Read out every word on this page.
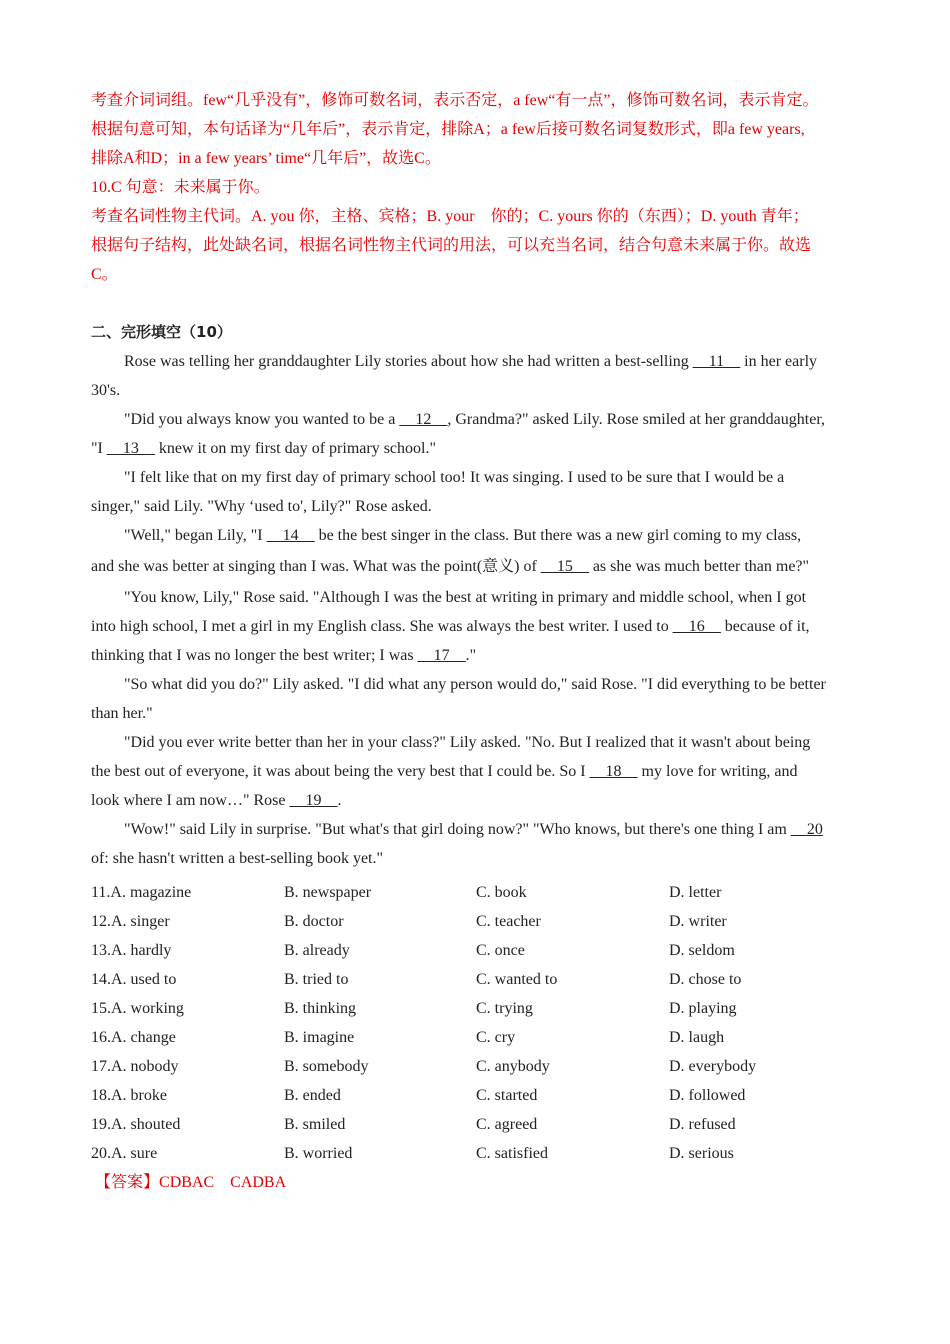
考查介词词组。few“几乎没有”，修饰可数名词，表示否定，a few“有一点”，修饰可数名词，表示肯定。
根据句意可知，本句话译为“几年后”，表示肯定，排除A；a few后接可数名词复数形式，即a few years,
排除A和D；in a few years’ time“几年后”，故选C。
10.C 句意：未来属于你。
考查名词性物主代词。A. you 你，主格、宾格；B. your　你的；C. yours 你的（东西）；D. youth 青年；
根据句子结构，此处缺名词，根据名词性物主代词的用法，可以充当名词，结合句意未来属于你。故选
C。
二、完形填空（10）
Rose was telling her granddaughter Lily stories about how she had written a best-selling __11__ in her early
30's.
"Did you always know you wanted to be a __12__, Grandma?" asked Lily. Rose smiled at her granddaughter,
"I __13__ knew it on my first day of primary school."
"I felt like that on my first day of primary school too! It was singing. I used to be sure that I would be a
singer," said Lily. "Why ‘used to', Lily?" Rose asked.
"Well," began Lily, "I __14__ be the best singer in the class. But there was a new girl coming to my class,
and she was better at singing than I was. What was the point(意义) of __15__ as she was much better than me?"
"You know, Lily," Rose said. "Although I was the best at writing in primary and middle school, when I got
into high school, I met a girl in my English class. She was always the best writer. I used to __16__ because of it,
thinking that I was no longer the best writer; I was __17__."
"So what did you do?" Lily asked. "I did what any person would do," said Rose. "I did everything to be better
than her."
"Did you ever write better than her in your class?" Lily asked. "No. But I realized that it wasn't about being
the best out of everyone, it was about being the very best that I could be. So I __18__ my love for writing, and
look where I am now…" Rose __19__.
"Wow!" said Lily in surprise. "But what's that girl doing now?" "Who knows, but there's one thing I am __20
of: she hasn't written a best-selling book yet."
11.A. magazine	B. newspaper	C. book	D. letter
12.A. singer	B. doctor	C. teacher	D. writer
13.A. hardly	B. already	C. once	D. seldom
14.A. used to	B. tried to	C. wanted to	D. chose to
15.A. working	B. thinking	C. trying	D. playing
16.A. change	B. imagine	C. cry	D. laugh
17.A. nobody	B. somebody	C. anybody	D. everybody
18.A. broke	B. ended	C. started	D. followed
19.A. shouted	B. smiled	C. agreed	D. refused
20.A. sure	B. worried	C. satisfied	D. serious
【答案】CDBAC　CADBA
